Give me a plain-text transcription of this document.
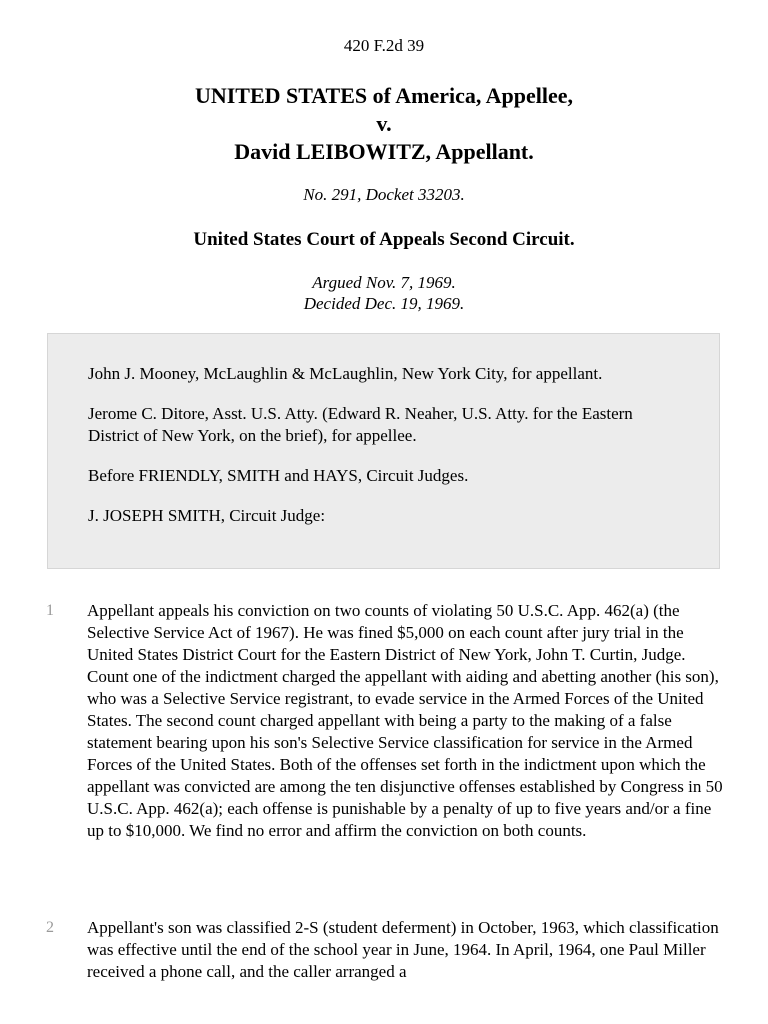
420 F.2d 39
UNITED STATES of America, Appellee,
v.
David LEIBOWITZ, Appellant.
No. 291, Docket 33203.
United States Court of Appeals Second Circuit.
Argued Nov. 7, 1969.
Decided Dec. 19, 1969.

John J. Mooney, McLaughlin & McLaughlin, New York City, for appellant.

Jerome C. Ditore, Asst. U.S. Atty. (Edward R. Neaher, U.S. Atty. for the Eastern District of New York, on the brief), for appellee.

Before FRIENDLY, SMITH and HAYS, Circuit Judges.

J. JOSEPH SMITH, Circuit Judge:

1 Appellant appeals his conviction on two counts of violating 50 U.S.C. App. 462(a) (the Selective Service Act of 1967). He was fined $5,000 on each count after jury trial in the United States District Court for the Eastern District of New York, John T. Curtin, Judge. Count one of the indictment charged the appellant with aiding and abetting another (his son), who was a Selective Service registrant, to evade service in the Armed Forces of the United States. The second count charged appellant with being a party to the making of a false statement bearing upon his son's Selective Service classification for service in the Armed Forces of the United States. Both of the offenses set forth in the indictment upon which the appellant was convicted are among the ten disjunctive offenses established by Congress in 50 U.S.C. App. 462(a); each offense is punishable by a penalty of up to five years and/or a fine up to $10,000. We find no error and affirm the conviction on both counts.

2 Appellant's son was classified 2-S (student deferment) in October, 1963, which classification was effective until the end of the school year in June, 1964. In April, 1964, one Paul Miller received a phone call, and the caller arranged a
